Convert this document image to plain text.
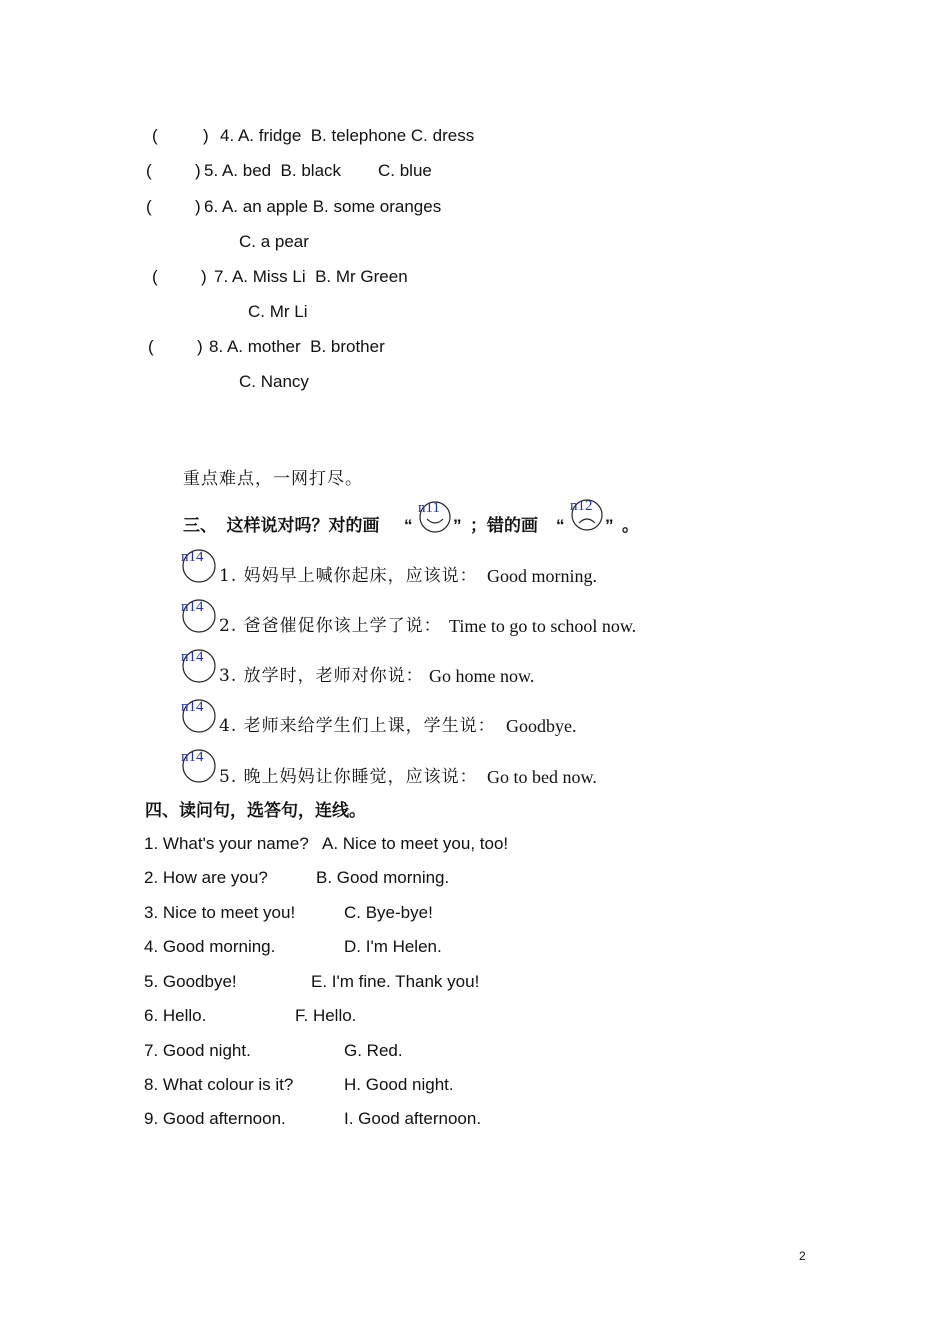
(	) 4. A. fridge  B. telephone C. dress
(	) 5. A. bed  B. black C. blue
(	) 6. A. an apple B. some oranges
C. a pear
(	) 7. A. Miss Li  B. Mr Green
C. Mr Li
(	) 8. A. mother  B. brother
C. Nancy
重点难点，一网打尽。
三、  这样说对吗？对的画 “
n11
” ；错的画 “
n12
” 。
n14
1. 妈妈早上喊你起床，应该说： Good morning.
n14
2. 爸爸催促你该上学了说： Time to go to school now.
n14
3. 放学时，老师对你说： Go home now.
n14
4. 老师来给学生们上课，学生说： Goodbye.
n14
5. 晚上妈妈让你睡觉，应该说： Go to bed now.
四、读问句，选答句，连线。
1. What's your name? A. Nice to meet you, too!
2. How are you?	B. Good morning.
3. Nice to meet you!	C. Bye-bye!
4. Good morning.	D. I'm Helen.
5. Goodbye!	E. I'm fine. Thank you!
6. Hello.	F. Hello.
7. Good night.	G. Red.
8. What colour is it?	H. Good night.
9. Good afternoon.	I. Good afternoon.
2
